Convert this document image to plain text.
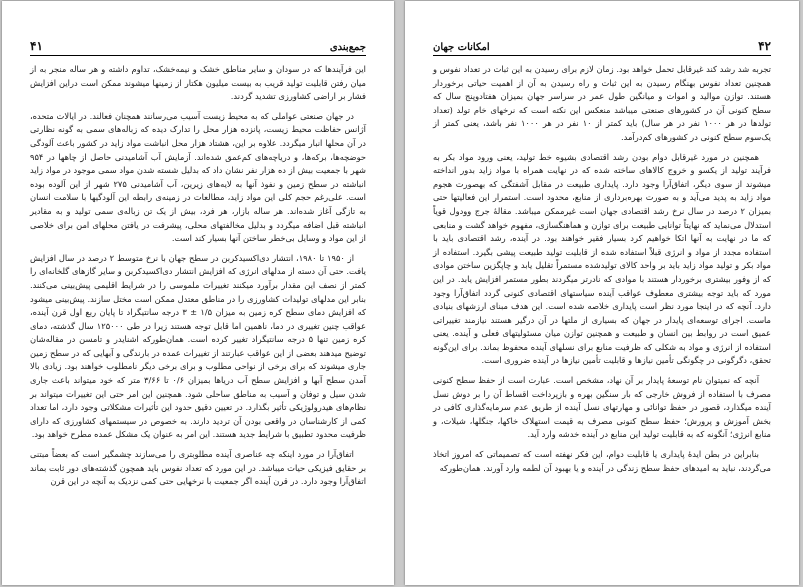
۴۱	جمع‌بندی

این فرآیندها که در سودان و سایر مناطق خشک و نیمه‌خشک، تداوم داشته و هر ساله منجر به از میان رفتن قابلیت تولید قریب به بیست میلیون هکتار از زمینها میشوند ممکن است دراین افزایش فشار بر اراضی کشاورزی تشدید گردند.

در جهان صنعتی عواملی که به محیط زیست آسیب می‌رسانند همچنان فعالند. در ایالات متحده، آژانس حفاظت محیط زیست، پانزده هزار محل را تدارک دیده که زباله‌های سمی به گونه نظارتی در آن محلها انبار میگردد. علاوه بر این، هشتاد هزار محل انباشت مواد زاید در کشور باعث آلودگی حوضچه‌ها، برکه‌ها، و دریاچه‌های کم‌عمق شده‌اند. آزمایش آب آشامیدنی حاصل از چاهها در ۹۵۴ شهر با جمعیت بیش از ده هزار نفر نشان داد که بدلیل شسته شدن مواد سمی موجود در مواد زاید انباشته در سطح زمین و نفوذ آنها به لایه‌های زیرین، آب آشامیدنی ۲۷۵ شهر از این آلوده بوده است. علی‌رغم حجم کلی این مواد زاید، مطالعات در زمینه‌ی رابطه این آلودگیها با سلامت انسان به تازگی آغاز شده‌اند. هر ساله بازار، هر فرد، بیش از یک تن زباله‌ی سمی تولید و به مقادیر انباشته قبل اضافه میگردد و بدلیل مخالفتهای محلی، پیشرفت در یافتن محلهای امن برای خلاصی از این مواد و وسایل بی‌خطر ساختن آنها بسیار کند است.

از ۱۹۵۰ تا ۱۹۸۰، انتشار دی‌اکسیدکربن در سطح جهان با نرخ متوسط ۲ درصد در سال افزایش یافت. حتی آن دسته از مدلهای انرژی که افزایش انتشار دی‌اکسیدکربن و سایر گازهای گلخانه‌ای را کمتر از نصف این مقدار برآورد میکنند تغییرات ملموسی را در شرایط اقلیمی پیش‌بینی می‌کنند. بنابر این مدلهای تولیدات کشاورزی را در مناطق معتدل ممکن است مختل سازند. پیش‌بینی میشود که افزایش دمای سطح کره زمین به میزان ۱/۵ ± ۳ درجه سانتیگراد تا پایان ربع اول قرن آینده، عواقب چنین تغییری در دما، ناهمین اما قابل توجه هستند زیرا در طی ۱۲۵۰۰۰ سال گذشته، دمای کره زمین تنها ۵ درجه سانتیگراد تغییر کرده است. همان‌طورکه اشنایدر و تامسن در مقاله‌شان توضیح میدهند بعضی از این عواقب عبارتند از تغییرات عمده در بارندگی و آبهایی که در سطح زمین جاری میشوند که برای برخی از نواحی مطلوب و برای برخی دیگر نامطلوب خواهند بود. زیادی بالا آمدن سطح آبها و افزایش سطح آب دریاها بمیزان ۰/۶ تا ۳/۶۶ متر که خود میتواند باعث جاری شدن سیل و توفان و آسیب به مناطق ساحلی شود. همچنین این امر حتی این تغییرات میتواند بر نظام‌های هیدرولوژیکی تأثیر بگذارد. در تعیین دقیق حدود این تأثیرات مشکلاتی وجود دارد، اما تعداد کمی از کارشناسان در واقعی بودن آن تردید دارند. به خصوص در سیستمهای کشاورزی که دارای ظرفیت محدود تطبیق با شرایط جدید هستند. این امر به عنوان یک مشکل عمده مطرح خواهد بود.

اتفاق‌آرا در مورد اینکه چه عناصری آینده مطلوبتری را می‌سازند چشمگیر است که بعضاً مبتنی بر حقایق فیزیکی حیات میباشد. در این مورد که تعداد نفوس باید همچون گذشته‌های دور ثابت بماند اتفاق‌آرا وجود دارد. در قرن آینده اگر جمعیت با نرخهایی حتی کمی نزدیک به آنچه در این قرن

۴۲
امکانات جهان

تجربه شد رشد کند غیرقابل تحمل خواهد بود. زمان لازم برای رسیدن به این ثبات در تعداد نفوس و همچنین تعداد نفوس بهنگام رسیدن به این ثبات و راه رسیدن به آن از اهمیت حیاتی برخوردار هستند. توازن موالید و اموات و میانگین طول عمر در سراسر جهان بمیزان هفتادوپنج سال که سطح کنونی آن در کشورهای صنعتی میباشد منعکس این نکته است که نرخهای خام تولد (تعداد تولدها در هر ۱۰۰۰ نفر در هر سال) باید کمتر از ۱۰ نفر در هر ۱۰۰۰ نفر باشد، یعنی کمتر از یک‌سوم سطح کنونی در کشورهای کم‌درآمد.

همچنین در مورد غیرقابل دوام بودن رشد اقتصادی بشیوه خط تولید، یعنی ورود مواد بکر به فرآیند تولید از یکسو و خروج کالاهای ساخته شده که در نهایت همراه با مواد زاید بدور انداخته میشوند از سوی دیگر، اتفاق‌آرا وجود دارد. پایداری طبیعت در مقابل آشفتگی که بهصورت هجوم مواد زاید به پدید می‌آید و به صورت بهره‌برداری از منابع، محدود است. استمرار این فعالیتها حتی بمیزان ۲ درصد در سال نرخ رشد اقتصادی جهان است غیرممکن میباشد. مقالهٔ جرج وودول قویاً استدلال می‌نماید که نهایتاً توانایی طبیعت برای توازن و هماهنگسازی، مفهوم خواهد گشت و منابعی که ما در نهایت به آنها اتکا خواهیم کرد بسیار فقیر خواهند بود. در آینده، رشد اقتصادی باید با استفاده مجدد از مواد و انرژی قبلاً استفاده شده از قابلیت تولید طبیعت پیشی بگیرد. استفاده از مواد بکر و تولید مواد زاید باید بر واحد کالای تولیدشده مستمراً تقلیل یابد و چاپگزین ساختن موادی که از وفور بیشتری برخوردار هستند با موادی که نادرتر میگردند بطور مستمر افزایش یابد. در این مورد که باید توجه بیشتری معطوف عواقب آینده سیاستهای اقتصادی کنونی گردد اتفاق‌آرا وجود دارد. آنچه که در اینجا مورد نظر است پایداری خلاصه شده است. این هدف مبنای ارزشهای بنیادی ماست. اجرای توسعه‌ای پایدار در جهان که بسیاری از ملتها در آن درگیر هستند نیازمند تغییراتی عمیق است در روابط بین انسان و طبیعت و همچنین توازن میان مسئولیتهای فعلی و آینده. یعنی استفاده از انرژی و مواد به شکلی که ظرفیت منابع برای نسلهای آینده محفوظ بماند. برای این‌گونه تحقق، دگرگونی در چگونگی تأمین نیازها و قابلیت تأمین نیازها در آینده ضروری است.

آنچه که نمیتوان نام توسعهٔ پایدار بر آن نهاد، مشخص است. عبارت است از حفظ سطح کنونی مصرف با استفاده از فروش خارجی که بار سنگین بهره و بازپرداخت اقساط آن را بر دوش نسل آینده میگذارد، قصور در حفظ توانائی و مهارتهای نسل آینده از طریق عدم سرمایه‌گذاری کافی در بخش آموزش و پرورش؛ حفظ سطح کنونی مصرف به قیمت استهلاک خاکها، جنگلها، شیلات، و منابع انرژی؛ آنگونه که به قابلیت تولید این منابع در آینده خدشه وارد آید.

بنابراین در بطن ایدهٔ پایداری یا قابلیت دوام، این فکر نهفته است که تصمیماتی که امروز اتخاذ می‌گردند، نباید به امیدهای حفظ سطح زندگی در آینده و یا بهبود آن لطمه وارد آورند. همان‌طورکه
